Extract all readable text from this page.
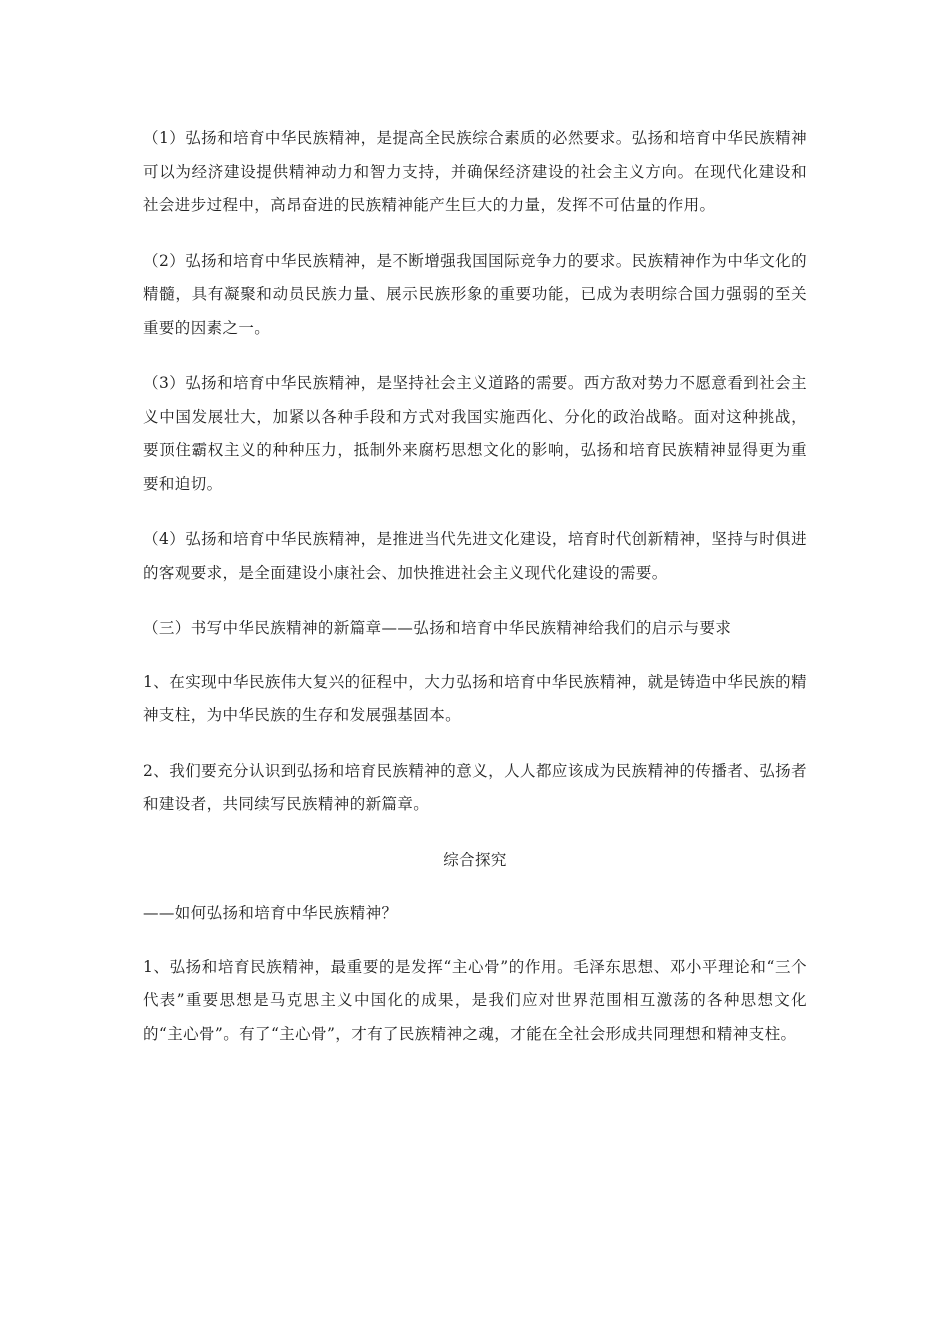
（1）弘扬和培育中华民族精神，是提高全民族综合素质的必然要求。弘扬和培育中华民族精神可以为经济建设提供精神动力和智力支持，并确保经济建设的社会主义方向。在现代化建设和社会进步过程中，高昂奋进的民族精神能产生巨大的力量，发挥不可估量的作用。

（2）弘扬和培育中华民族精神，是不断增强我国国际竞争力的要求。民族精神作为中华文化的精髓，具有凝聚和动员民族力量、展示民族形象的重要功能，已成为表明综合国力强弱的至关重要的因素之一。

（3）弘扬和培育中华民族精神，是坚持社会主义道路的需要。西方敌对势力不愿意看到社会主义中国发展壮大，加紧以各种手段和方式对我国实施西化、分化的政治战略。面对这种挑战，要顶住霸权主义的种种压力，抵制外来腐朽思想文化的影响，弘扬和培育民族精神显得更为重要和迫切。

（4）弘扬和培育中华民族精神，是推进当代先进文化建设，培育时代创新精神，坚持与时俱进的客观要求，是全面建设小康社会、加快推进社会主义现代化建设的需要。

（三）书写中华民族精神的新篇章——弘扬和培育中华民族精神给我们的启示与要求

1、在实现中华民族伟大复兴的征程中，大力弘扬和培育中华民族精神，就是铸造中华民族的精神支柱，为中华民族的生存和发展强基固本。

2、我们要充分认识到弘扬和培育民族精神的意义，人人都应该成为民族精神的传播者、弘扬者和建设者，共同续写民族精神的新篇章。

综合探究

——如何弘扬和培育中华民族精神？

1、弘扬和培育民族精神，最重要的是发挥“主心骨”的作用。毛泽东思想、邓小平理论和“三个代表”重要思想是马克思主义中国化的成果，是我们应对世界范围相互激荡的各种思想文化的“主心骨”。有了“主心骨”，才有了民族精神之魂，才能在全社会形成共同理想和精神支柱。
